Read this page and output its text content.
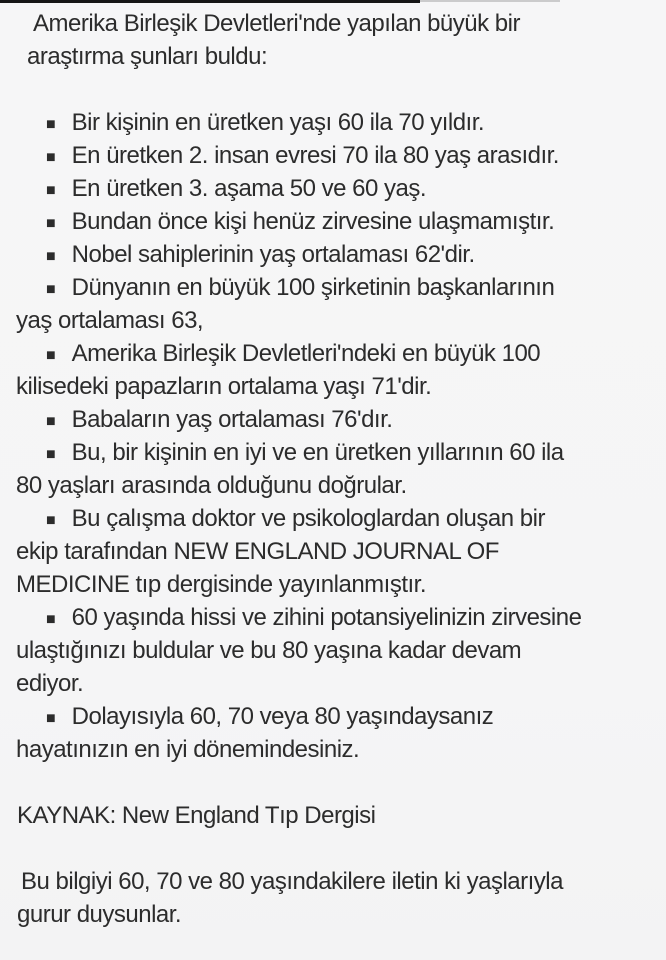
Amerika Birleşik Devletleri'nde yapılan büyük bir
araştırma şunları buldu:
■ Bir kişinin en üretken yaşı 60 ila 70 yıldır.
■ En üretken 2. insan evresi 70 ila 80 yaş arasıdır.
■ En üretken 3. aşama 50 ve 60 yaş.
■ Bundan önce kişi henüz zirvesine ulaşmamıştır.
■ Nobel sahiplerinin yaş ortalaması 62'dir.
■ Dünyanın en büyük 100 şirketinin başkanlarının
yaş ortalaması 63,
■ Amerika Birleşik Devletleri'ndeki en büyük 100
kilisedeki papazların ortalama yaşı 71'dir.
■ Babaların yaş ortalaması 76'dır.
■ Bu, bir kişinin en iyi ve en üretken yıllarının 60 ila
80 yaşları arasında olduğunu doğrular.
■ Bu çalışma doktor ve psikologlardan oluşan bir
ekip tarafından NEW ENGLAND JOURNAL OF
MEDICINE tıp dergisinde yayınlanmıştır.
■ 60 yaşında hissi ve zihini potansiyelinizin zirvesine
ulaştığınızı buldular ve bu 80 yaşına kadar devam
ediyor.
■ Dolayısıyla 60, 70 veya 80 yaşındaysanız
hayatınızın en iyi dönemindesiniz.
KAYNAK: New England Tıp Dergisi
Bu bilgiyi 60, 70 ve 80 yaşındakilere iletin ki yaşlarıyla
gurur duysunlar.
